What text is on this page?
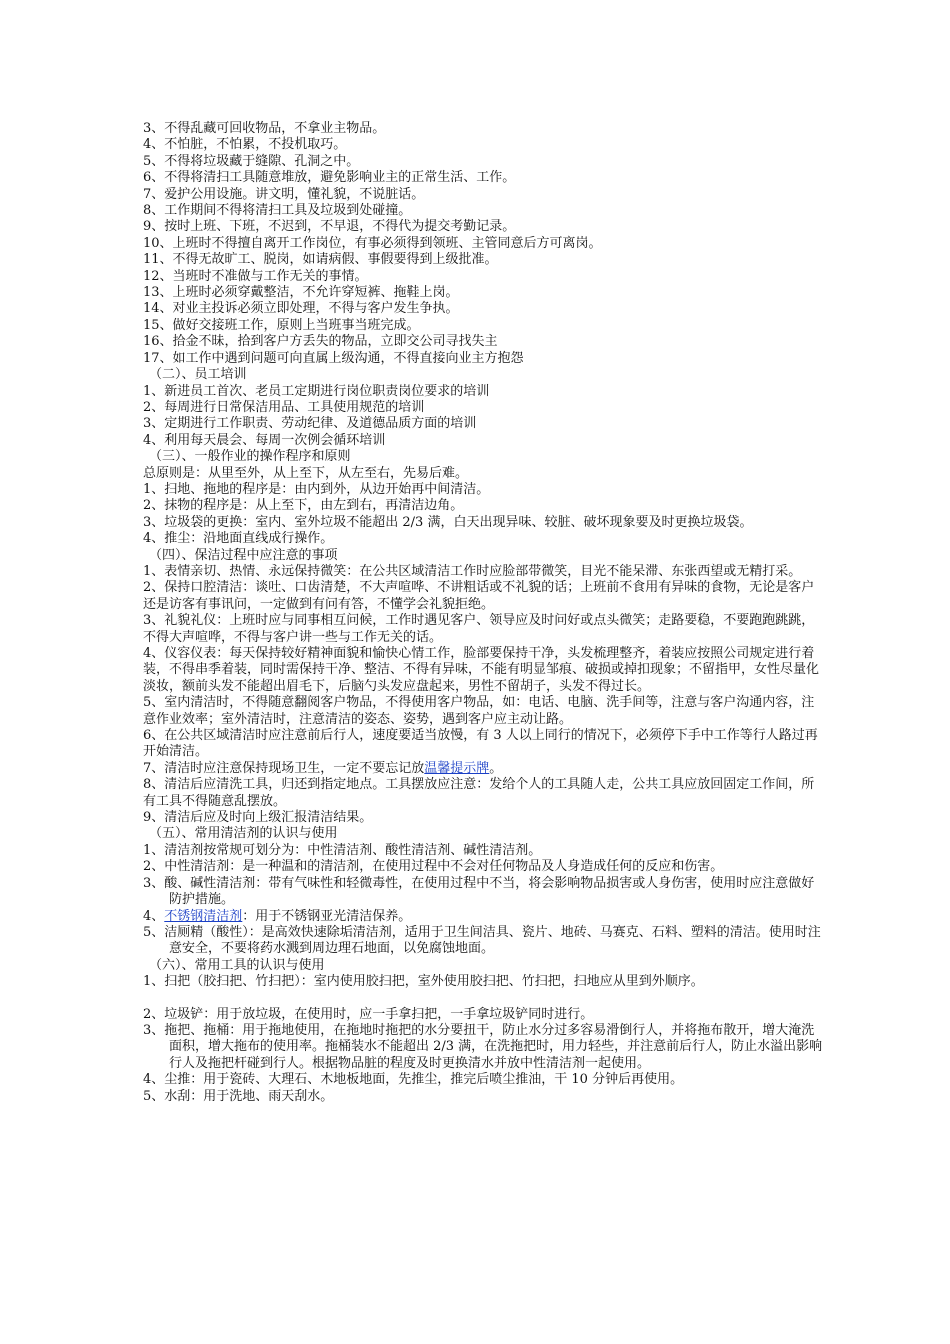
3、不得乱藏可回收物品，不拿业主物品。
4、不怕脏，不怕累，不投机取巧。
5、不得将垃圾藏于缝隙、孔洞之中。
6、不得将清扫工具随意堆放，避免影响业主的正常生活、工作。
7、爱护公用设施。讲文明，懂礼貌，不说脏话。
8、工作期间不得将清扫工具及垃圾到处碰撞。
9、按时上班、下班，不迟到，不早退，不得代为提交考勤记录。
10、上班时不得擅自离开工作岗位，有事必须得到领班、主管同意后方可离岗。
11、不得无故旷工、脱岗，如请病假、事假要得到上级批准。
12、当班时不准做与工作无关的事情。
13、上班时必须穿戴整洁，不允许穿短裤、拖鞋上岗。
14、对业主投诉必须立即处理，不得与客户发生争执。
15、做好交接班工作，原则上当班事当班完成。
16、拾金不昧，拾到客户方丢失的物品，立即交公司寻找失主
17、如工作中遇到问题可向直属上级沟通，不得直接向业主方抱怨
（二）、员工培训
1、新进员工首次、老员工定期进行岗位职责岗位要求的培训
2、每周进行日常保洁用品、工具使用规范的培训
3、定期进行工作职责、劳动纪律、及道德品质方面的培训
4、利用每天晨会、每周一次例会循环培训
（三）、一般作业的操作程序和原则
总原则是：从里至外，从上至下，从左至右，先易后难。
1、扫地、拖地的程序是：由内到外，从边开始再中间清洁。
2、抹物的程序是：从上至下，由左到右，再清洁边角。
3、垃圾袋的更换：室内、室外垃圾不能超出 2/3 满，白天出现异味、较脏、破坏现象要及时更换垃圾袋。
4、推尘：沿地面直线成行操作。
（四）、保洁过程中应注意的事项
1、表情亲切、热情、永远保持微笑：在公共区域清洁工作时应脸部带微笑，目光不能呆滞、东张西望或无精打采。
2、保持口腔清洁：谈吐、口齿清楚，不大声喧哗、不讲粗话或不礼貌的话；上班前不食用有异味的食物，无论是客户还是访客有事讯问，一定做到有问有答，不懂学会礼貌拒绝。
3、礼貌礼仪：上班时应与同事相互问候，工作时遇见客户、领导应及时问好或点头微笑；走路要稳，不要跑跑跳跳，不得大声喧哗，不得与客户讲一些与工作无关的话。
4、仪容仪表：每天保持较好精神面貌和愉快心情工作，脸部要保持干净，头发梳理整齐，着装应按照公司规定进行着装，不得串季着装，同时需保持干净、整洁、不得有异味，不能有明显邹痕、破损或掉扣现象；不留指甲，女性尽量化淡妆，额前头发不能超出眉毛下，后脑勺头发应盘起来，男性不留胡子，头发不得过长。
5、室内清洁时，不得随意翻阅客户物品，不得使用客户物品，如：电话、电脑、洗手间等，注意与客户沟通内容，注意作业效率；室外清洁时，注意清洁的姿态、姿势，遇到客户应主动让路。
6、在公共区域清洁时应注意前后行人，速度要适当放慢，有 3 人以上同行的情况下，必须停下手中工作等行人路过再开始清洁。
7、清洁时应注意保持现场卫生，一定不要忘记放温馨提示牌。
8、清洁后应清洗工具，归还到指定地点。工具摆放应注意：发给个人的工具随人走，公共工具应放回固定工作间，所有工具不得随意乱摆放。
9、清洁后应及时向上级汇报清洁结果。
（五）、常用清洁剂的认识与使用
1、清洁剂按常规可划分为：中性清洁剂、酸性清洁剂、碱性清洁剂。
2、中性清洁剂：是一种温和的清洁剂，在使用过程中不会对任何物品及人身造成任何的反应和伤害。
3、酸、碱性清洁剂：带有气味性和轻微毒性，在使用过程中不当，将会影响物品损害或人身伤害，使用时应注意做好防护措施。
4、不锈钢清洁剂：用于不锈钢亚光清洁保养。
5、洁厕精（酸性）：是高效快速除垢清洁剂，适用于卫生间洁具、瓷片、地砖、马赛克、石料、塑料的清洁。使用时注意安全，不要将药水溅到周边理石地面，以免腐蚀地面。
（六）、常用工具的认识与使用
1、扫把（胶扫把、竹扫把）：室内使用胶扫把，室外使用胶扫把、竹扫把，扫地应从里到外顺序。
2、垃圾铲：用于放垃圾，在使用时，应一手拿扫把，一手拿垃圾铲同时进行。
3、拖把、拖桶：用于拖地使用，在拖地时拖把的水分要扭干，防止水分过多容易滑倒行人，并将拖布散开，增大淹洗面积，增大拖布的使用率。拖桶装水不能超出 2/3 满，在洗拖把时，用力轻些，并注意前后行人，防止水溢出影响行人及拖把杆碰到行人。根据物品脏的程度及时更换清水并放中性清洁剂一起使用。
4、尘推：用于瓷砖、大理石、木地板地面，先推尘，推完后喷尘推油，干 10 分钟后再使用。
5、水刮：用于洗地、雨天刮水。
